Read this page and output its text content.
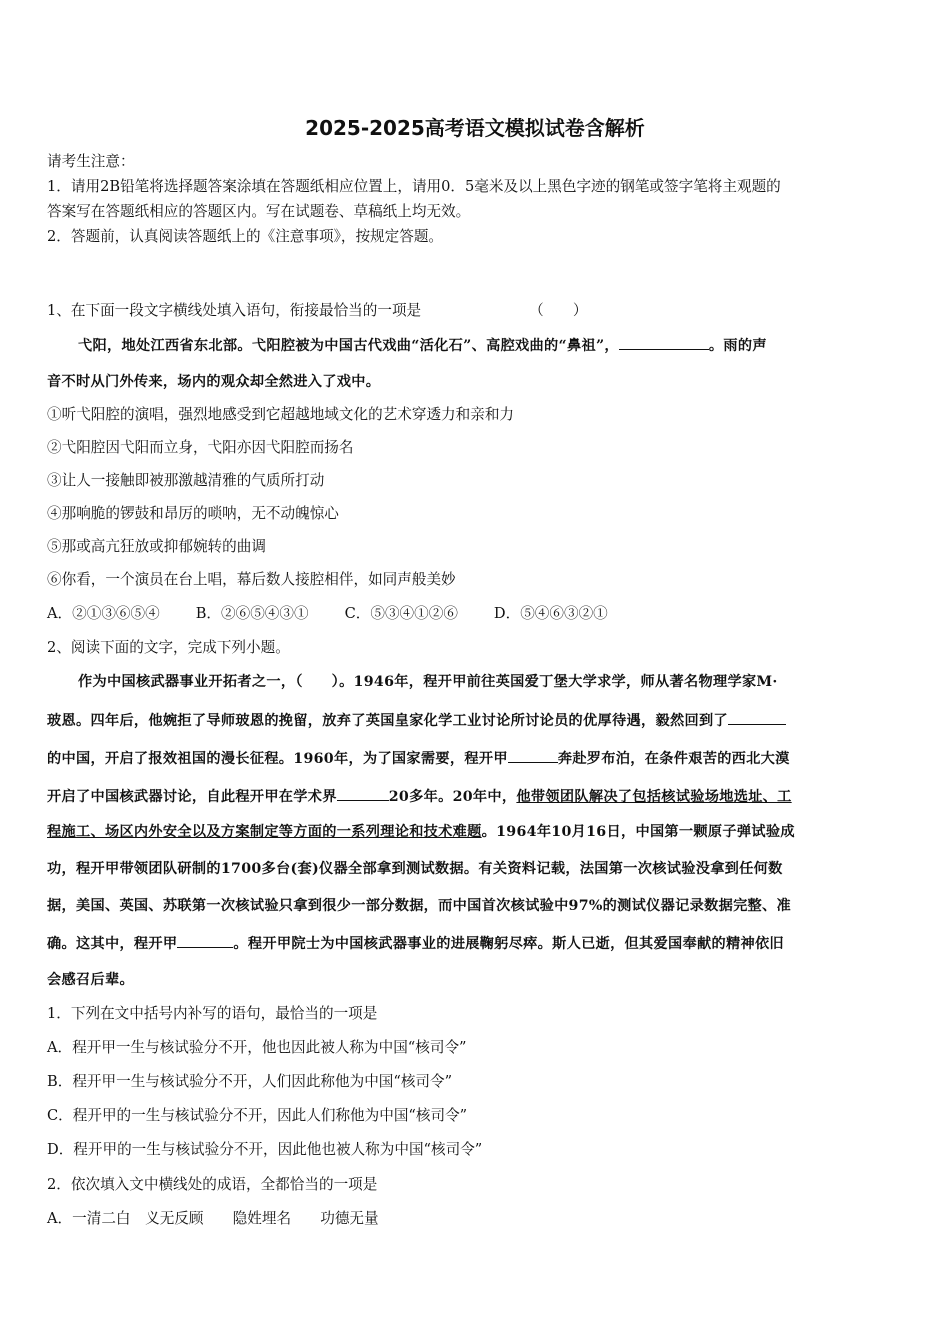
2025-2025高考语文模拟试卷含解析
请考生注意：
1．请用2B铅笔将选择题答案涂填在答题纸相应位置上，请用0．5毫米及以上黑色字迹的钢笔或签字笔将主观题的
答案写在答题纸相应的答题区内。写在试题卷、草稿纸上均无效。
2．答题前，认真阅读答题纸上的《注意事项》，按规定答题。
1、在下面一段文字横线处填入语句，衔接最恰当的一项是	（　　）
弋阳，地处江西省东北部。弋阳腔被为中国古代戏曲“活化石”、高腔戏曲的“鼻祖”，	。雨的声
音不时从门外传来，场内的观众却全然进入了戏中。
①听弋阳腔的演唱，强烈地感受到它超越地域文化的艺术穿透力和亲和力
②弋阳腔因弋阳而立身，弋阳亦因弋阳腔而扬名
③让人一接触即被那激越清雅的气质所打动
④那响脆的锣鼓和昂厉的唢呐，无不动魄惊心
⑤那或高亢狂放或抑郁婉转的曲调
⑥你看，一个演员在台上唱，幕后数人接腔相伴，如同声般美妙
A．②①③⑥⑤④ B．②⑥⑤④③① C．⑤③④①②⑥ D．⑤④⑥③②①
2、阅读下面的文字，完成下列小题。
作为中国核武器事业开拓者之一，（　　）。1946年，程开甲前往英国爱丁堡大学求学，师从著名物理学家M·
玻恩。四年后，他婉拒了导师玻恩的挽留，放弃了英国皇家化学工业讨论所讨论员的优厚待遇，毅然回到了
的中国，开启了报效祖国的漫长征程。1960年，为了国家需要，程开甲	奔赴罗布泊，在条件艰苦的西北大漠
开启了中国核武器讨论，自此程开甲在学术界	20多年。20年中，他带领团队解决了包括核试验场地选址、工
程施工、场区内外安全以及方案制定等方面的一系列理论和技术难题。1964年10月16日，中国第一颗原子弹试验成
功，程开甲带领团队研制的1700多台(套)仪器全部拿到测试数据。有关资料记载，法国第一次核试验没拿到任何数
据，美国、英国、苏联第一次核试验只拿到很少一部分数据，而中国首次核试验中97%的测试仪器记录数据完整、准
确。这其中，程开甲	。程开甲院士为中国核武器事业的进展鞠躬尽瘁。斯人已逝，但其爱国奉献的精神依旧
会感召后辈。
1．下列在文中括号内补写的语句，最恰当的一项是
A．程开甲一生与核试验分不开，他也因此被人称为中国“核司令”
B．程开甲一生与核试验分不开，人们因此称他为中国“核司令”
C．程开甲的一生与核试验分不开，因此人们称他为中国“核司令”
D．程开甲的一生与核试验分不开，因此他也被人称为中国“核司令”
2．依次填入文中横线处的成语，全都恰当的一项是
A．一清二白　义无反顾　　隐姓埋名　　功德无量
